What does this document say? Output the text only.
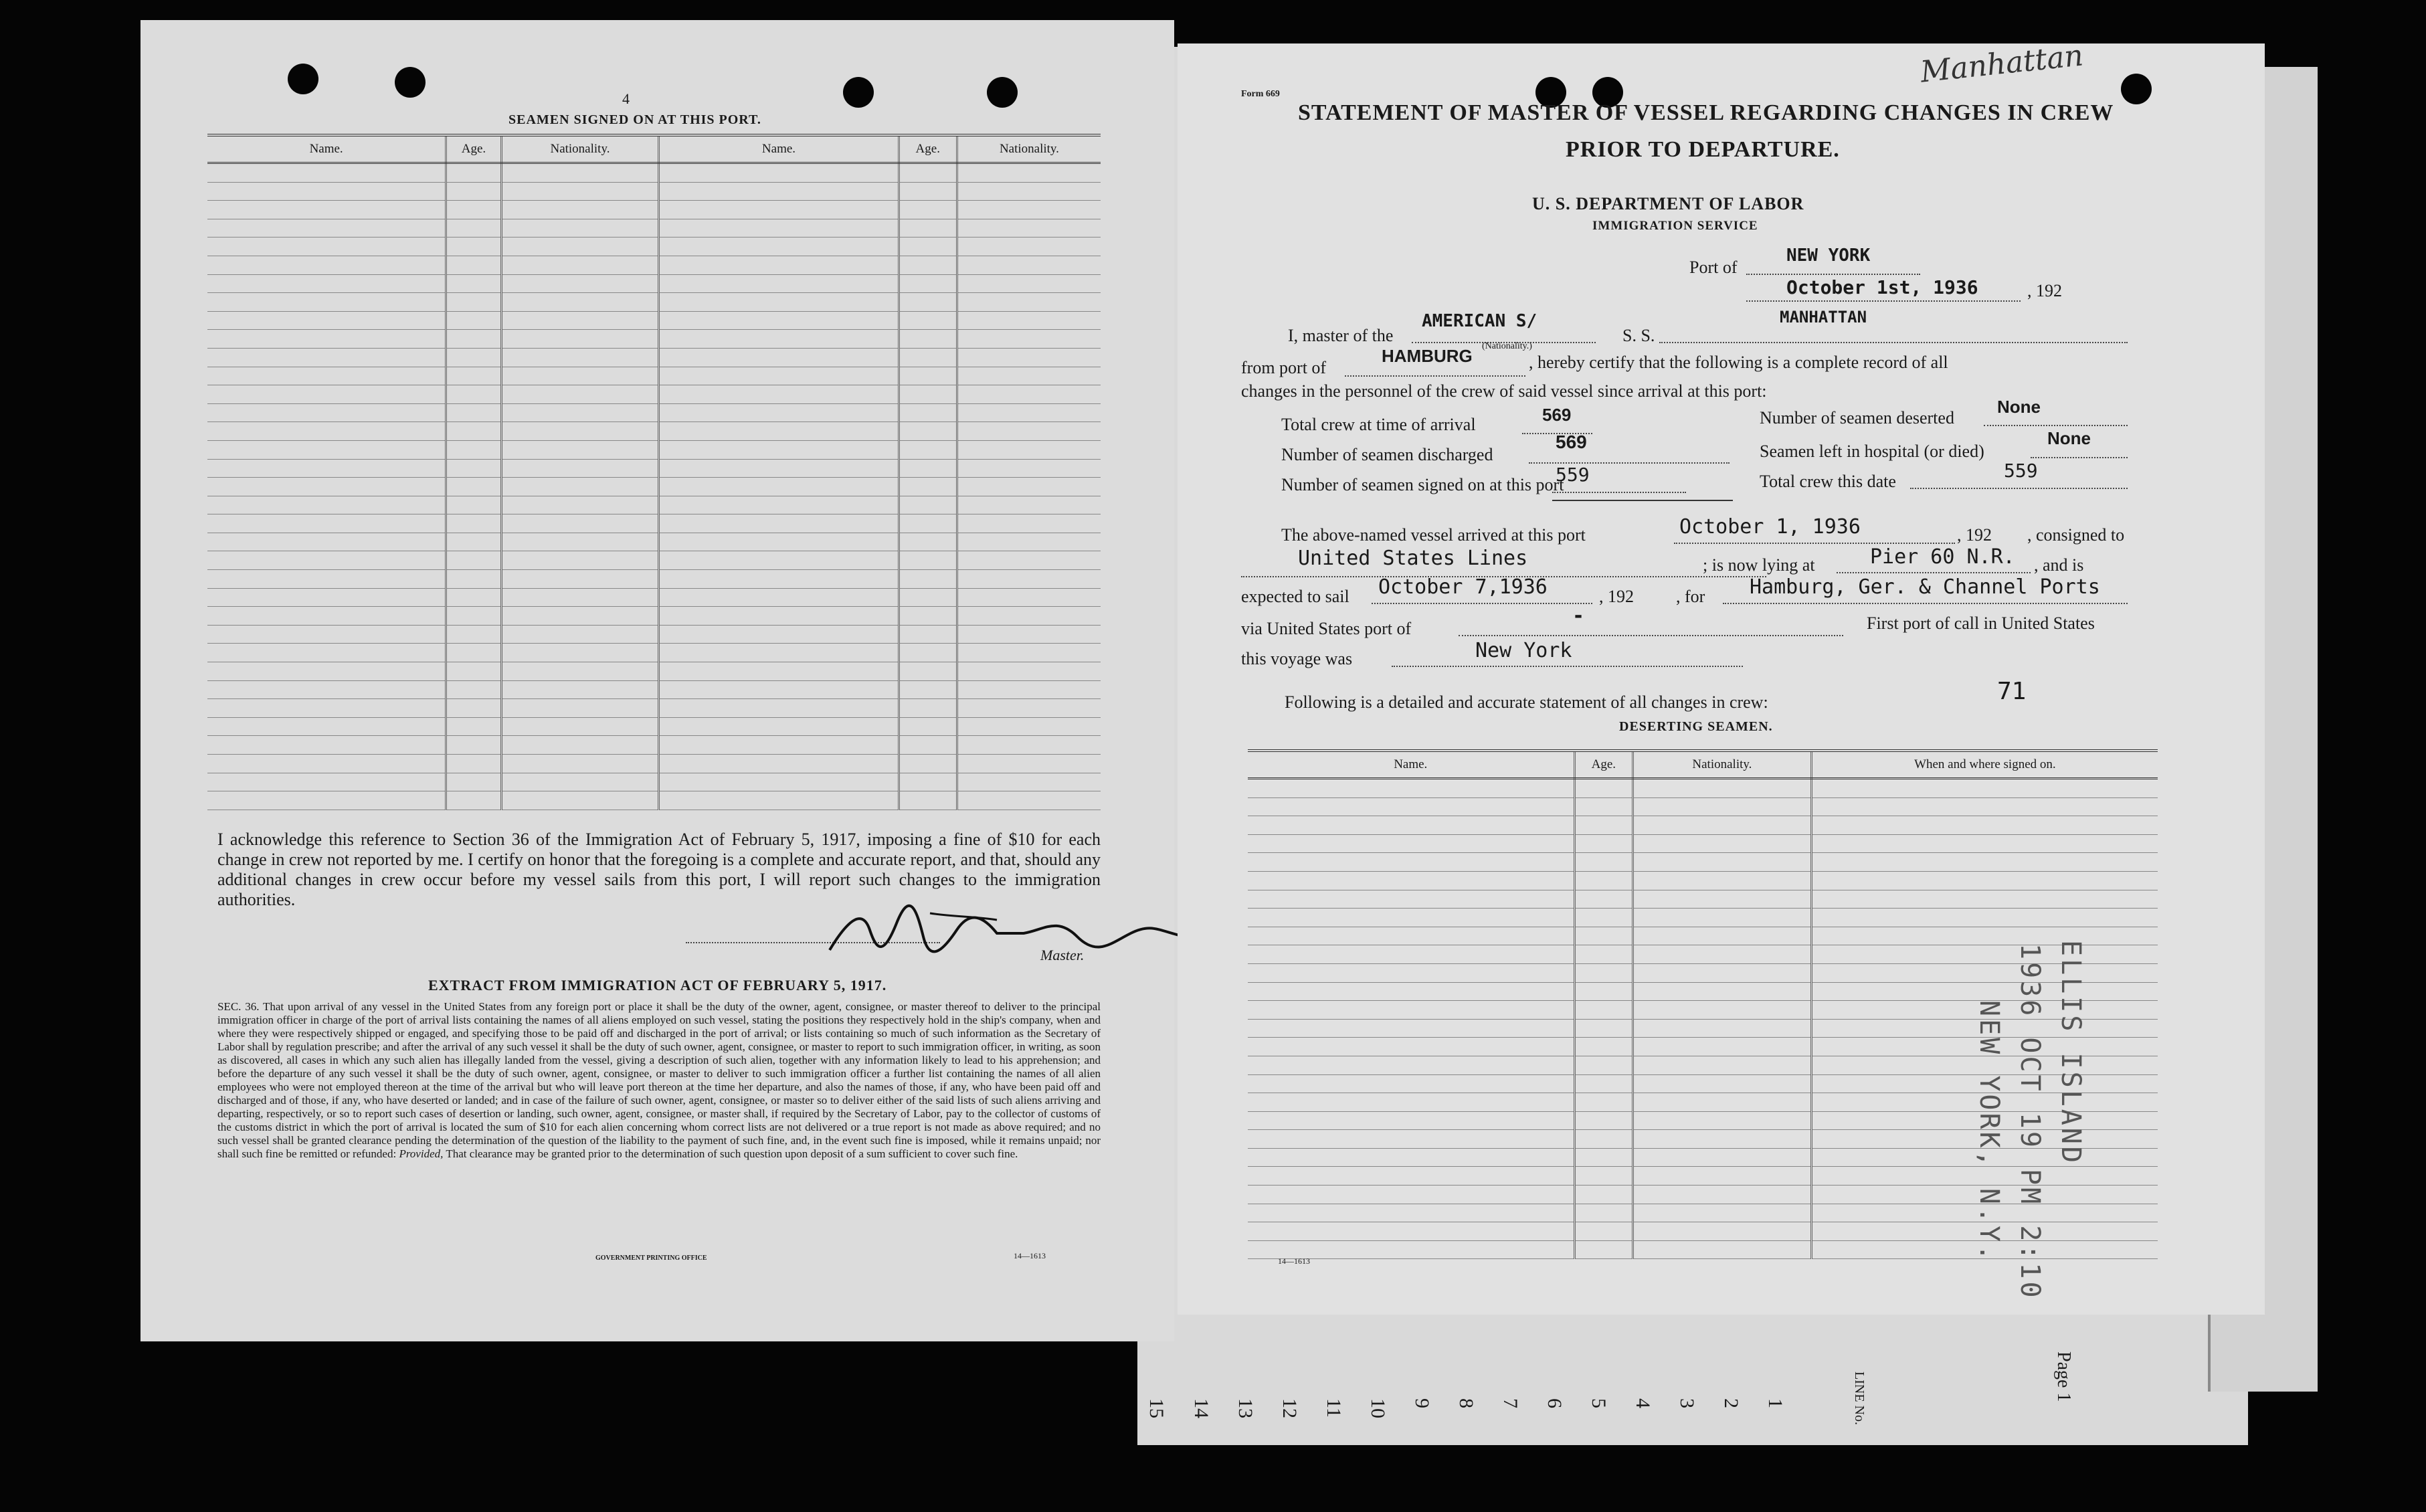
Page 1
LINE No.
15 14 13 12 11 10 9 8 7 6 5 4 3 2 1
4
SEAMEN SIGNED ON AT THIS PORT.
Name.	Age.	Nationality.	Name.	Age.	Nationality.

I acknowledge this reference to Section 36 of the Immigration Act of February 5, 1917, imposing a fine of $10 for each change in crew not reported by me. I certify on honor that the foregoing is a complete and accurate report, and that, should any additional changes in crew occur before my vessel sails from this port, I will report such changes to the immigration authorities.
Master.
EXTRACT FROM IMMIGRATION ACT OF FEBRUARY 5, 1917.
SEC. 36. That upon arrival of any vessel in the United States from any foreign port or place it shall be the duty of the owner, agent, consignee, or master thereof to deliver to the principal immigration officer in charge of the port of arrival lists containing the names of all aliens employed on such vessel, stating the positions they respectively hold in the ship's company, when and where they were respectively shipped or engaged, and specifying those to be paid off and discharged in the port of arrival; or lists containing so much of such information as the Secretary of Labor shall by regulation prescribe; and after the arrival of any such vessel it shall be the duty of such owner, agent, consignee, or master to report to such immigration officer, in writing, as soon as discovered, all cases in which any such alien has illegally landed from the vessel, giving a description of such alien, together with any information likely to lead to his apprehension; and before the departure of any such vessel it shall be the duty of such owner, agent, consignee, or master to deliver to such immigration officer a further list containing the names of all alien employees who were not employed thereon at the time of the arrival but who will leave port thereon at the time her departure, and also the names of those, if any, who have been paid off and discharged and of those, if any, who have deserted or landed; and in case of the failure of such owner, agent, consignee, or master so to deliver either of the said lists of such aliens arriving and departing, respectively, or so to report such cases of desertion or landing, such owner, agent, consignee, or master shall, if required by the Secretary of Labor, pay to the collector of customs of the customs district in which the port of arrival is located the sum of $10 for each alien concerning whom correct lists are not delivered or a true report is not made as above required; and no such vessel shall be granted clearance pending the determination of the question of the liability to the payment of such fine, and, in the event such fine is imposed, while it remains unpaid; nor shall such fine be remitted or refunded: Provided, That clearance may be granted prior to the determination of such question upon deposit of a sum sufficient to cover such fine.
GOVERNMENT PRINTING OFFICE	14—1613
Form 669
Manhattan
STATEMENT OF MASTER OF VESSEL REGARDING CHANGES IN CREW
PRIOR TO DEPARTURE.
U. S. DEPARTMENT OF LABOR
IMMIGRATION SERVICE
Port of
NEW YORK
October 1st, 1936	, 192
I, master of the
AMERICAN S/
(Nationality.)
S. S.
MANHATTAN
from port of
HAMBURG	, hereby certify that the following is a complete record of all
changes in the personnel of the crew of said vessel since arrival at this port:
Total crew at time of arrival	569
Number of seamen discharged
569
Number of seamen signed on at this port
559
Number of seamen deserted
None
Seamen left in hospital (or died)
None
Total crew this date	559
The above-named vessel arrived at this port	October 1, 1936	, 192 , consigned to
United States Lines	; is now lying at	Pier 60 N.R. , and is
expected to sail October 7,1936	, 192 , for Hamburg, Ger. & Channel Ports
via United States port of
-	First port of call in United States
this voyage was	New York
Following is a detailed and accurate statement of all changes in crew:	71
DESERTING SEAMEN.
Name.	Age.	Nationality.	When and where signed on.

ELLIS ISLAND
1936 OCT 19 PM 2:10
NEW YORK, N.Y.
14—1613
